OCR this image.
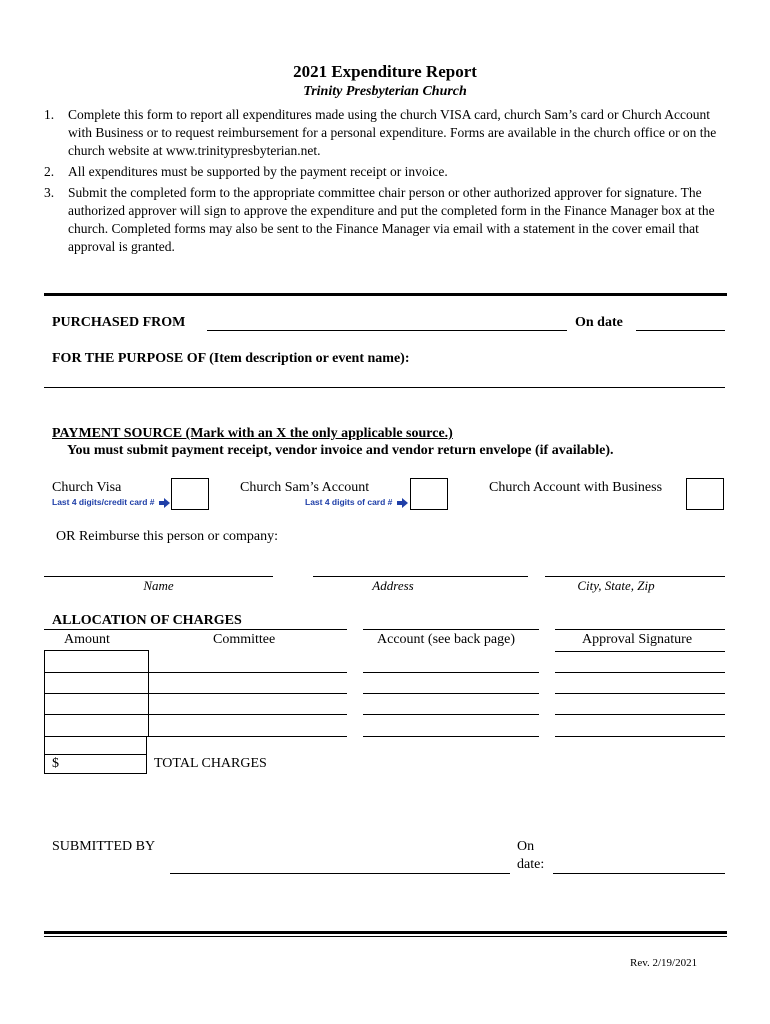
2021 Expenditure Report
Trinity Presbyterian Church
1. Complete this form to report all expenditures made using the church VISA card, church Sam’s card or Church Account with Business or to request reimbursement for a personal expenditure. Forms are available in the church office or on the church website at www.trinitypresbyterian.net.
2. All expenditures must be supported by the payment receipt or invoice.
3. Submit the completed form to the appropriate committee chair person or other authorized approver for signature. The authorized approver will sign to approve the expenditure and put the completed form in the Finance Manager box at the church. Completed forms may also be sent to the Finance Manager via email with a statement in the cover email that approval is granted.
PURCHASED FROM	On date
FOR THE PURPOSE OF (Item description or event name):
PAYMENT SOURCE (Mark with an X the only applicable source.)
You must submit payment receipt, vendor invoice and vendor return envelope (if available).
Church Visa
Last 4 digits/credit card #
Church Sam’s Account
Last 4 digits of card #
Church Account with Business
OR Reimburse this person or company:
Name	Address	City, State, Zip
ALLOCATION OF CHARGES
Amount	Committee	Account (see back page)	Approval Signature
$	TOTAL CHARGES
SUBMITTED BY	On
date:
Rev. 2/19/2021
